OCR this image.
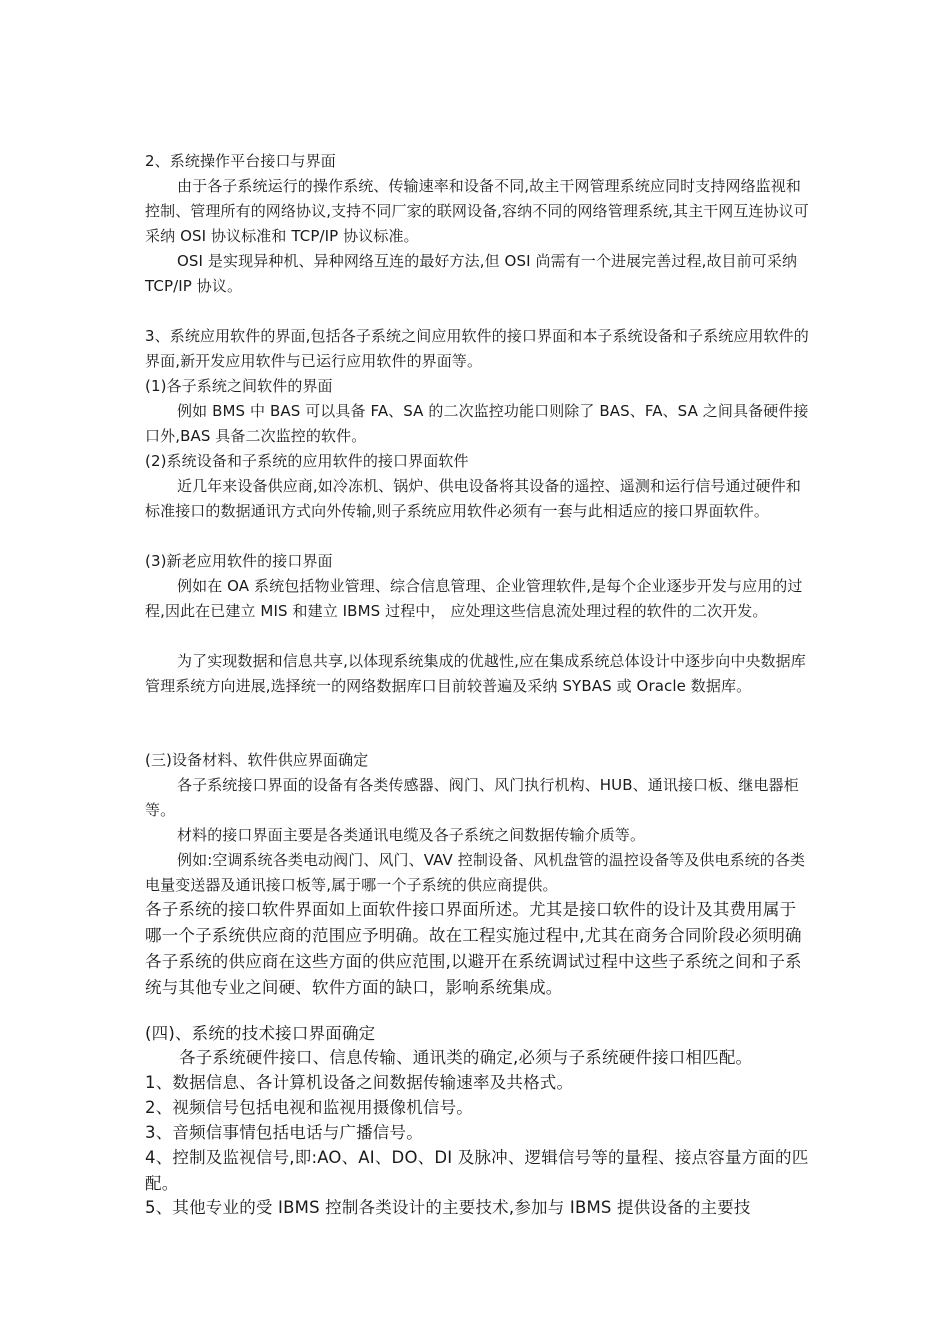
2、系统操作平台接口与界面

由于各子系统运行的操作系统、传输速率和设备不同,故主干网管理系统应同时支持网络监视和控制、管理所有的网络协议,支持不同厂家的联网设备,容纳不同的网络管理系统,其主干网互连协议可采纳 OSI 协议标准和 TCP/IP 协议标准。

OSI 是实现异种机、异种网络互连的最好方法,但 OSI 尚需有一个进展完善过程,故目前可采纳 TCP/IP 协议。

3、系统应用软件的界面,包括各子系统之间应用软件的接口界面和本子系统设备和子系统应用软件的界面,新开发应用软件与已运行应用软件的界面等。

(1)各子系统之间软件的界面

例如 BMS 中 BAS 可以具备 FA、SA 的二次监控功能口则除了 BAS、FA、SA 之间具备硬件接口外,BAS 具备二次监控的软件。

(2)系统设备和子系统的应用软件的接口界面软件

近几年来设备供应商,如冷冻机、锅炉、供电设备将其设备的遥控、遥测和运行信号通过硬件和标准接口的数据通讯方式向外传输,则子系统应用软件必须有一套与此相适应的接口界面软件。

(3)新老应用软件的接口界面

例如在 OA 系统包括物业管理、综合信息管理、企业管理软件,是每个企业逐步开发与应用的过程,因此在已建立 MIS 和建立 IBMS 过程中， 应处理这些信息流处理过程的软件的二次开发。

为了实现数据和信息共享,以体现系统集成的优越性,应在集成系统总体设计中逐步向中央数据库管理系统方向进展,选择统一的网络数据库口目前较普遍及采纳 SYBAS 或 Oracle 数据库。

(三)设备材料、软件供应界面确定

各子系统接口界面的设备有各类传感器、阀门、风门执行机构、HUB、通讯接口板、继电器柜等。

材料的接口界面主要是各类通讯电缆及各子系统之间数据传输介质等。

例如:空调系统各类电动阀门、风门、VAV 控制设备、风机盘管的温控设备等及供电系统的各类电量变送器及通讯接口板等,属于哪一个子系统的供应商提供。

各子系统的接口软件界面如上面软件接口界面所述。尤其是接口软件的设计及其费用属于哪一个子系统供应商的范围应予明确。故在工程实施过程中,尤其在商务合同阶段必须明确各子系统的供应商在这些方面的供应范围,以避开在系统调试过程中这些子系统之间和子系统与其他专业之间硬、软件方面的缺口，影响系统集成。

(四)、系统的技术接口界面确定

各子系统硬件接口、信息传输、通讯类的确定,必须与子系统硬件接口相匹配。

1、数据信息、各计算机设备之间数据传输速率及共格式。

2、视频信号包括电视和监视用摄像机信号。

3、音频信事情包括电话与广播信号。

4、控制及监视信号,即:AO、AI、DO、DI 及脉冲、逻辑信号等的量程、接点容量方面的匹配。

5、其他专业的受 IBMS 控制各类设计的主要技术,参加与 IBMS 提供设备的主要技
